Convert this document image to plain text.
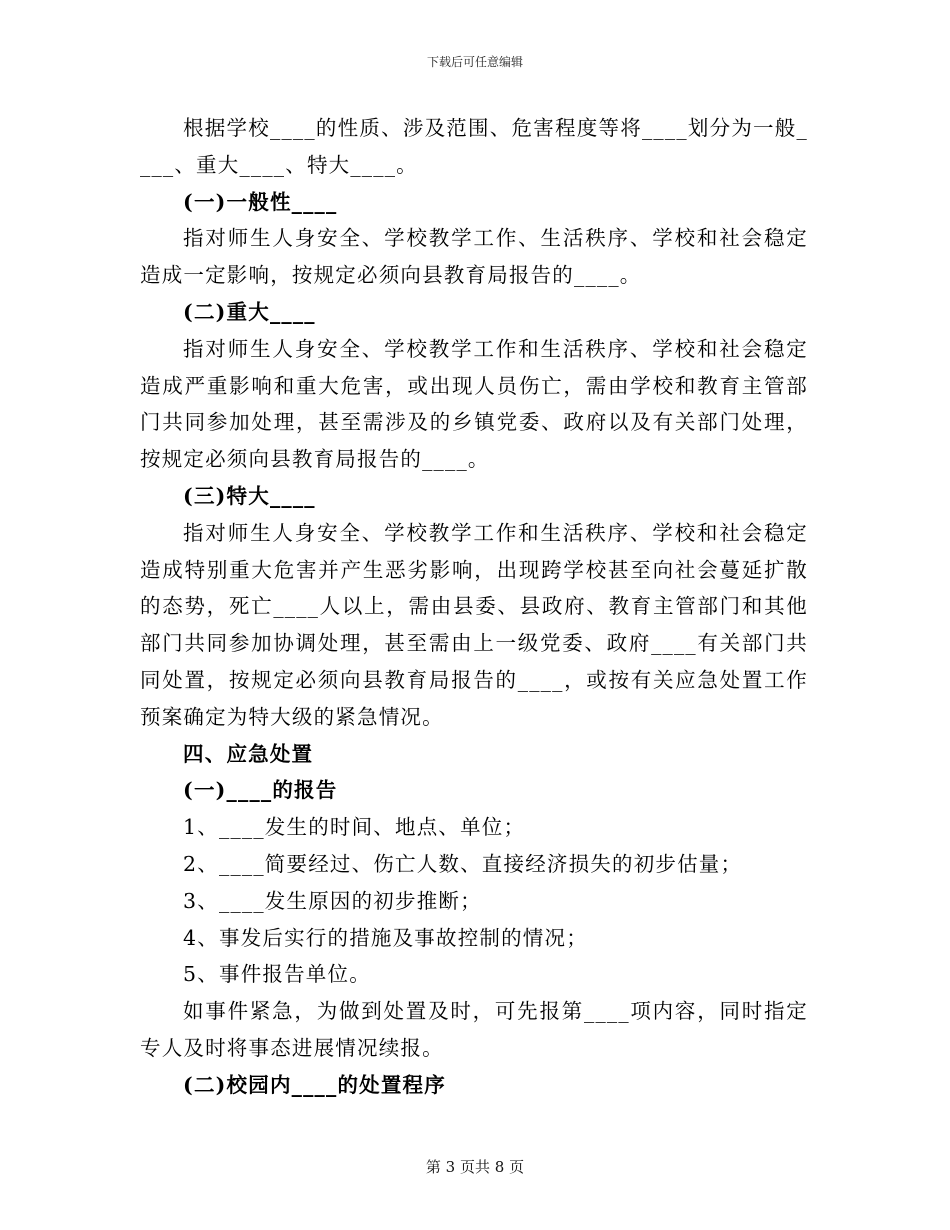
下载后可任意编辑

根据学校____的性质、涉及范围、危害程度等将____划分为一般____、重大____、特大____。

(一)一般性____

指对师生人身安全、学校教学工作、生活秩序、学校和社会稳定造成一定影响，按规定必须向县教育局报告的____。

(二)重大____

指对师生人身安全、学校教学工作和生活秩序、学校和社会稳定造成严重影响和重大危害，或出现人员伤亡，需由学校和教育主管部门共同参加处理，甚至需涉及的乡镇党委、政府以及有关部门处理，按规定必须向县教育局报告的____。

(三)特大____

指对师生人身安全、学校教学工作和生活秩序、学校和社会稳定造成特别重大危害并产生恶劣影响，出现跨学校甚至向社会蔓延扩散的态势，死亡____人以上，需由县委、县政府、教育主管部门和其他部门共同参加协调处理，甚至需由上一级党委、政府____有关部门共同处置，按规定必须向县教育局报告的____，或按有关应急处置工作预案确定为特大级的紧急情况。

四、应急处置

(一)____的报告

1、____发生的时间、地点、单位；

2、____简要经过、伤亡人数、直接经济损失的初步估量；

3、____发生原因的初步推断；

4、事发后实行的措施及事故控制的情况；

5、事件报告单位。

如事件紧急，为做到处置及时，可先报第____项内容，同时指定专人及时将事态进展情况续报。

(二)校园内____的处置程序

第 3 页共 8 页
